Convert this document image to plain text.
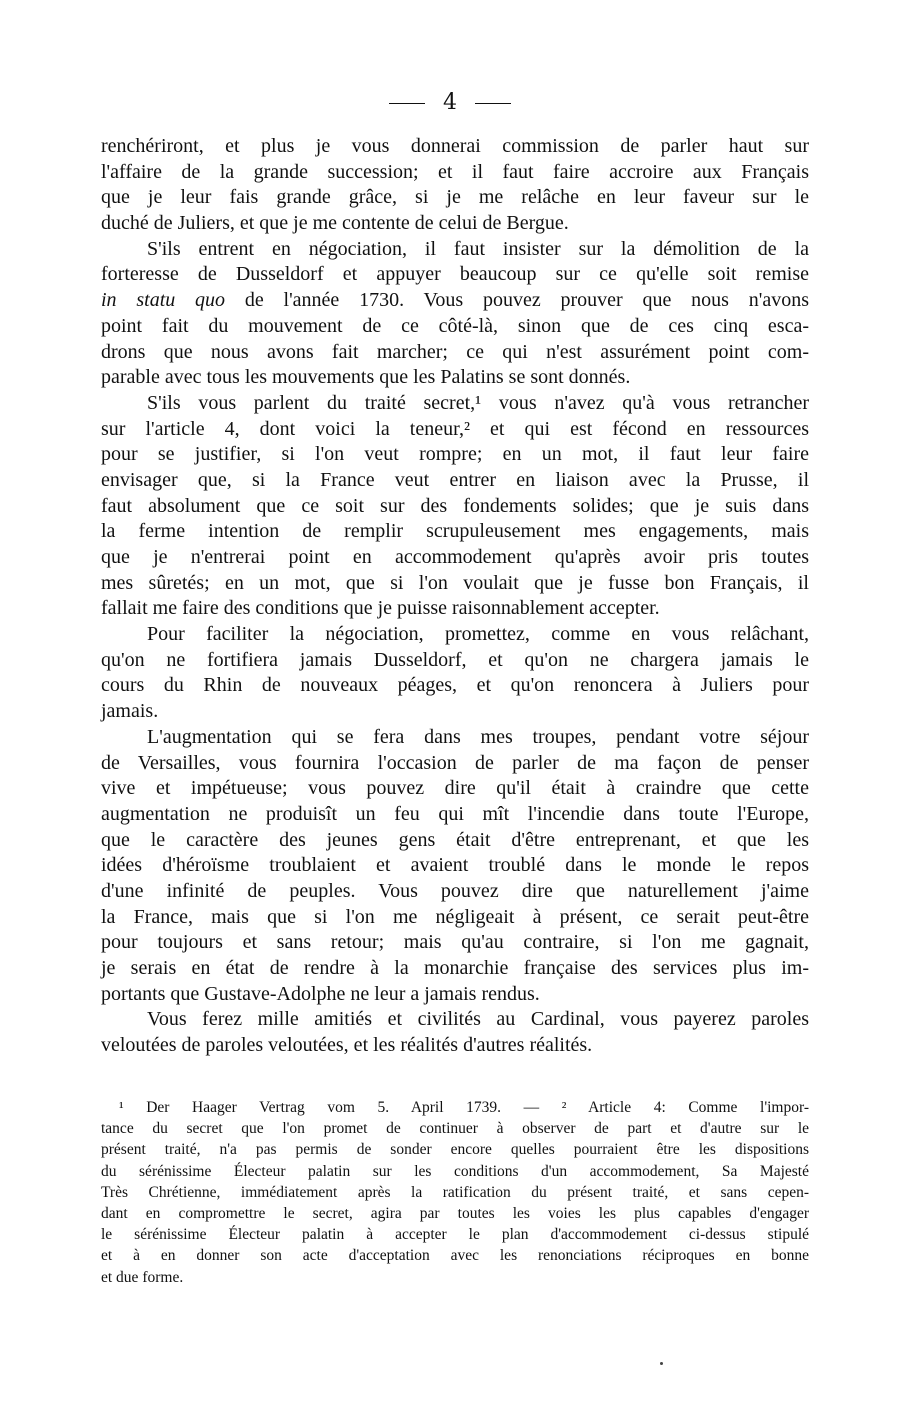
4
renchériront, et plus je vous donnerai commission de parler haut sur
l'affaire de la grande succession; et il faut faire accroire aux Français
que je leur fais grande grâce, si je me relâche en leur faveur sur le
duché de Juliers, et que je me contente de celui de Bergue.
S'ils entrent en négociation, il faut insister sur la démolition de la
forteresse de Dusseldorf et appuyer beaucoup sur ce qu'elle soit remise
in statu quo de l'année 1730. Vous pouvez prouver que nous n'avons
point fait du mouvement de ce côté-là, sinon que de ces cinq esca-
drons que nous avons fait marcher; ce qui n'est assurément point com-
parable avec tous les mouvements que les Palatins se sont donnés.
S'ils vous parlent du traité secret,¹ vous n'avez qu'à vous retrancher
sur l'article 4, dont voici la teneur,² et qui est fécond en ressources
pour se justifier, si l'on veut rompre; en un mot, il faut leur faire
envisager que, si la France veut entrer en liaison avec la Prusse, il
faut absolument que ce soit sur des fondements solides; que je suis dans
la ferme intention de remplir scrupuleusement mes engagements, mais
que je n'entrerai point en accommodement qu'après avoir pris toutes
mes sûretés; en un mot, que si l'on voulait que je fusse bon Français, il
fallait me faire des conditions que je puisse raisonnablement accepter.
Pour faciliter la négociation, promettez, comme en vous relâchant,
qu'on ne fortifiera jamais Dusseldorf, et qu'on ne chargera jamais le
cours du Rhin de nouveaux péages, et qu'on renoncera à Juliers pour
jamais.
L'augmentation qui se fera dans mes troupes, pendant votre séjour
de Versailles, vous fournira l'occasion de parler de ma façon de penser
vive et impétueuse; vous pouvez dire qu'il était à craindre que cette
augmentation ne produisît un feu qui mît l'incendie dans toute l'Europe,
que le caractère des jeunes gens était d'être entreprenant, et que les
idées d'héroïsme troublaient et avaient troublé dans le monde le repos
d'une infinité de peuples. Vous pouvez dire que naturellement j'aime
la France, mais que si l'on me négligeait à présent, ce serait peut-être
pour toujours et sans retour; mais qu'au contraire, si l'on me gagnait,
je serais en état de rendre à la monarchie française des services plus im-
portants que Gustave-Adolphe ne leur a jamais rendus.
Vous ferez mille amitiés et civilités au Cardinal, vous payerez paroles
veloutées de paroles veloutées, et les réalités d'autres réalités.
¹ Der Haager Vertrag vom 5. April 1739. — ² Article 4: Comme l'impor-
tance du secret que l'on promet de continuer à observer de part et d'autre sur le
présent traité, n'a pas permis de sonder encore quelles pourraient être les dispositions
du sérénissime Électeur palatin sur les conditions d'un accommodement, Sa Majesté
Très Chrétienne, immédiatement après la ratification du présent traité, et sans cepen-
dant en compromettre le secret, agira par toutes les voies les plus capables d'engager
le sérénissime Électeur palatin à accepter le plan d'accommodement ci-dessus stipulé
et à en donner son acte d'acceptation avec les renonciations réciproques en bonne
et due forme.
